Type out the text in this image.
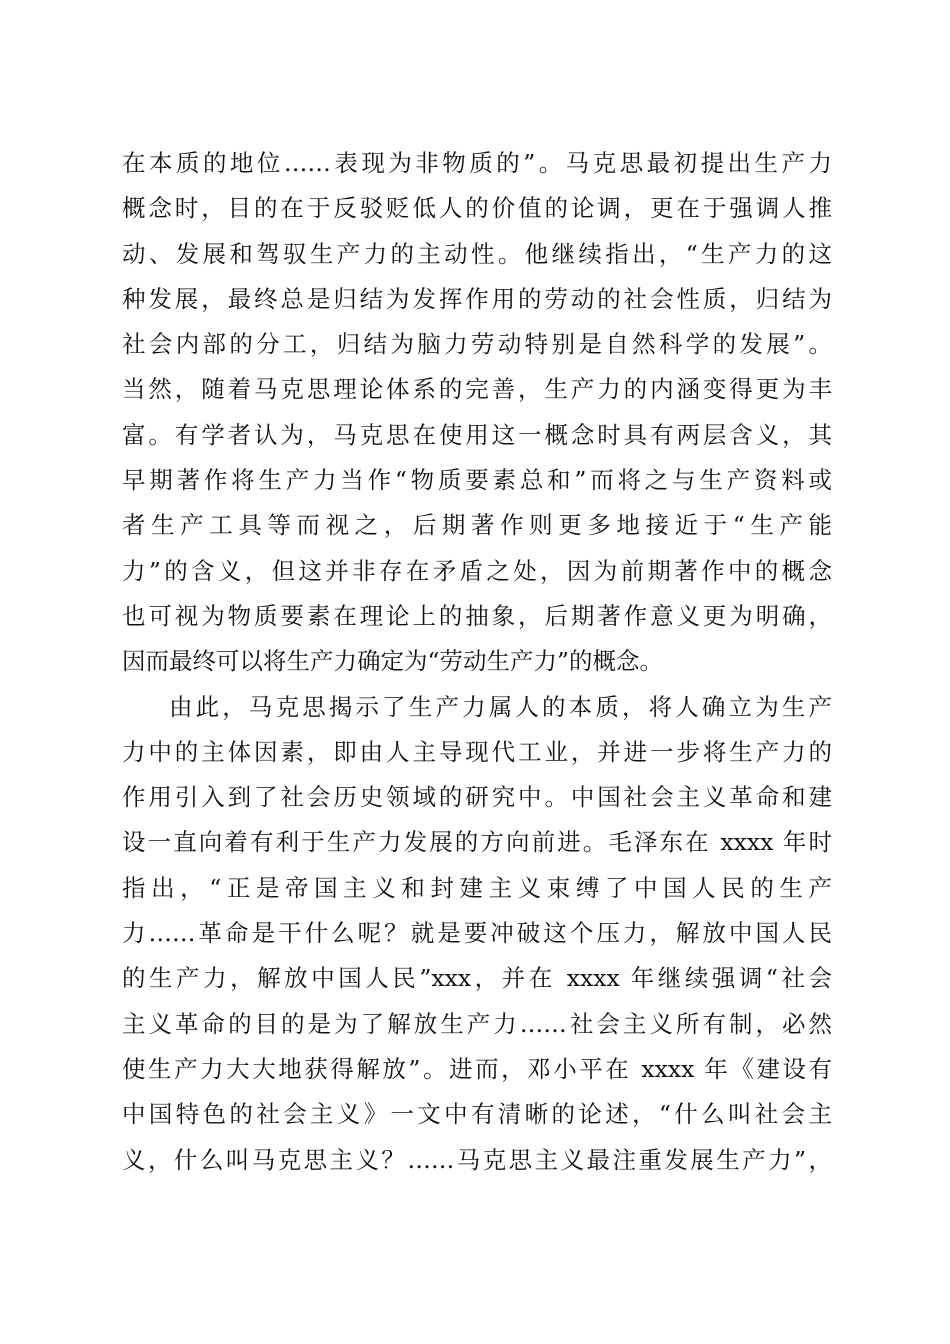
在本质的地位……表现为非物质的”。马克思最初提出生产力
概念时，目的在于反驳贬低人的价值的论调，更在于强调人推
动、发展和驾驭生产力的主动性。他继续指出，“生产力的这
种发展，最终总是归结为发挥作用的劳动的社会性质，归结为
社会内部的分工，归结为脑力劳动特别是自然科学的发展”。
当然，随着马克思理论体系的完善，生产力的内涵变得更为丰
富。有学者认为，马克思在使用这一概念时具有两层含义，其
早期著作将生产力当作“物质要素总和”而将之与生产资料或
者生产工具等而视之，后期著作则更多地接近于“生产能
力”的含义，但这并非存在矛盾之处，因为前期著作中的概念
也可视为物质要素在理论上的抽象，后期著作意义更为明确，
因而最终可以将生产力确定为“劳动生产力”的概念。
由此，马克思揭示了生产力属人的本质，将人确立为生产
力中的主体因素，即由人主导现代工业，并进一步将生产力的
作用引入到了社会历史领域的研究中。中国社会主义革命和建
设一直向着有利于生产力发展的方向前进。毛泽东在 xxxx 年时
指出，“正是帝国主义和封建主义束缚了中国人民的生产
力……革命是干什么呢？就是要冲破这个压力，解放中国人民
的生产力，解放中国人民”xxx，并在 xxxx 年继续强调“社会
主义革命的目的是为了解放生产力……社会主义所有制，必然
使生产力大大地获得解放”。进而，邓小平在 xxxx 年《建设有
中国特色的社会主义》一文中有清晰的论述，“什么叫社会主
义，什么叫马克思主义？……马克思主义最注重发展生产力”，
